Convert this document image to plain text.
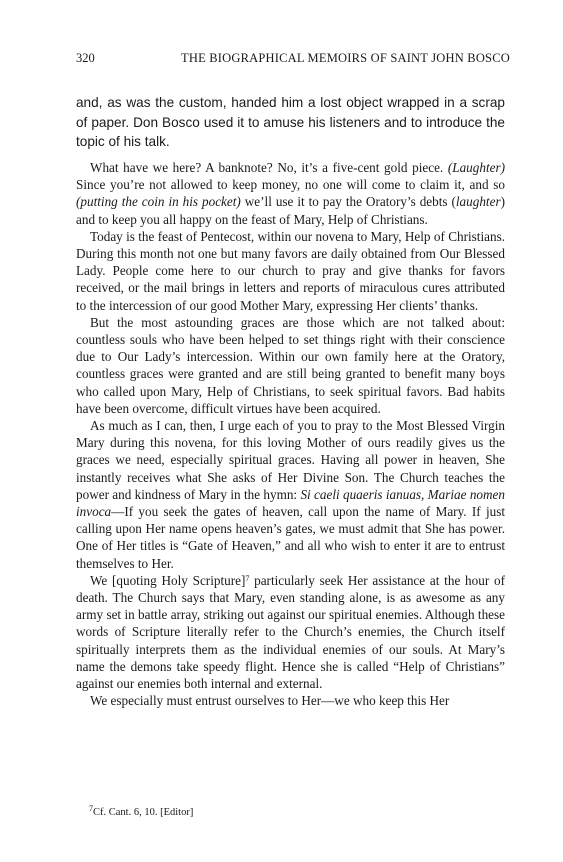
320	THE BIOGRAPHICAL MEMOIRS OF SAINT JOHN BOSCO

and, as was the custom, handed him a lost object wrapped in a scrap of paper. Don Bosco used it to amuse his listeners and to introduce the topic of his talk.

What have we here? A banknote? No, it’s a five-cent gold piece. (Laughter) Since you’re not allowed to keep money, no one will come to claim it, and so (putting the coin in his pocket) we’ll use it to pay the Oratory’s debts (laughter) and to keep you all happy on the feast of Mary, Help of Christians.

Today is the feast of Pentecost, within our novena to Mary, Help of Christians. During this month not one but many favors are daily obtained from Our Blessed Lady. People come here to our church to pray and give thanks for favors received, or the mail brings in letters and reports of miraculous cures attributed to the intercession of our good Mother Mary, expressing Her clients’ thanks.

But the most astounding graces are those which are not talked about: countless souls who have been helped to set things right with their conscience due to Our Lady’s intercession. Within our own family here at the Oratory, countless graces were granted and are still being granted to benefit many boys who called upon Mary, Help of Christians, to seek spiritual favors. Bad habits have been overcome, difficult virtues have been acquired.

As much as I can, then, I urge each of you to pray to the Most Blessed Virgin Mary during this novena, for this loving Mother of ours readily gives us the graces we need, especially spiritual graces. Having all power in heaven, She instantly receives what She asks of Her Divine Son. The Church teaches the power and kindness of Mary in the hymn: Si caeli quaeris ianuas, Mariae nomen invoca—If you seek the gates of heaven, call upon the name of Mary. If just calling upon Her name opens heaven’s gates, we must admit that She has power. One of Her titles is “Gate of Heaven,” and all who wish to enter it are to entrust themselves to Her.

We [quoting Holy Scripture]$^7$ particularly seek Her assistance at the hour of death. The Church says that Mary, even standing alone, is as awesome as any army set in battle array, striking out against our spiritual enemies. Although these words of Scripture literally refer to the Church’s enemies, the Church itself spiritually interprets them as the individual enemies of our souls. At Mary’s name the demons take speedy flight. Hence she is called “Help of Christians” against our enemies both internal and external.

We especially must entrust ourselves to Her—we who keep this Her

$^7$Cf. Cant. 6, 10. [Editor]
